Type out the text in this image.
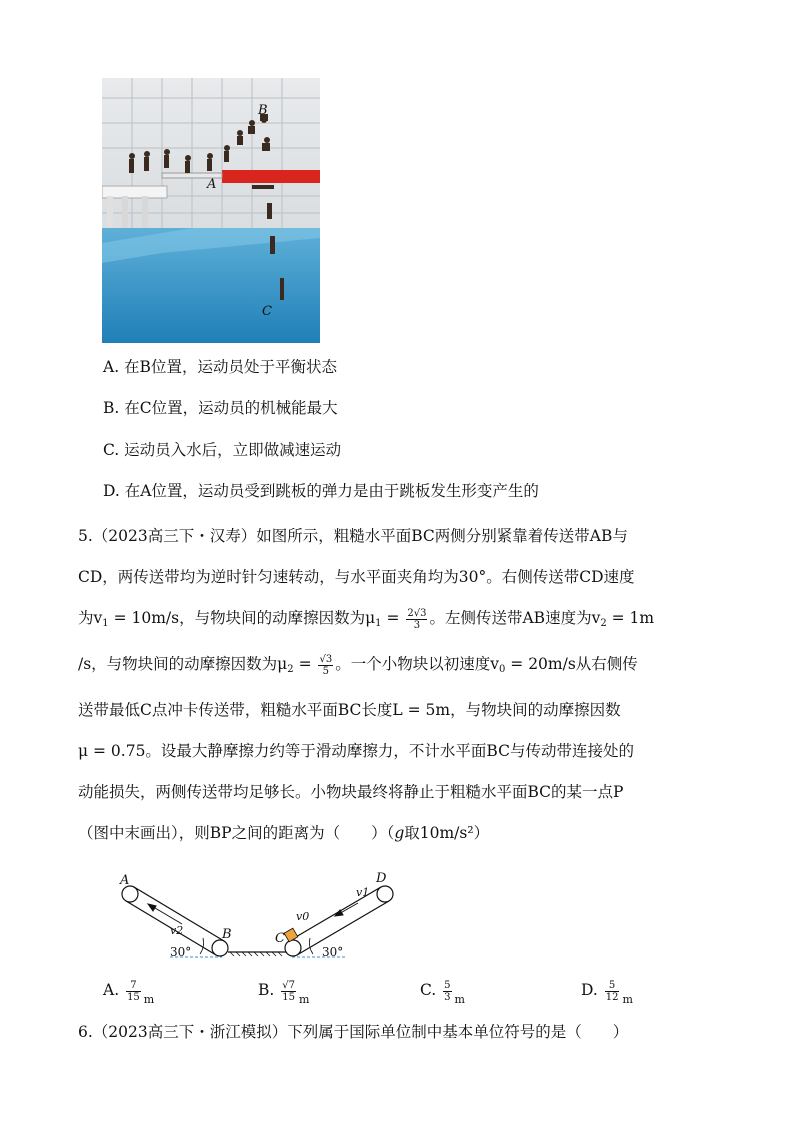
B
A
C
A. 在B位置，运动员处于平衡状态
B. 在C位置，运动员的机械能最大
C. 运动员入水后，立即做减速运动
D. 在A位置，运动员受到跳板的弹力是由于跳板发生形变产生的
5.（2023高三下・汉寿）如图所示，粗糙水平面BC两侧分别紧靠着传送带AB与
CD，两传送带均为逆时针匀速转动，与水平面夹角均为30°。右侧传送带CD速度
为$v_1 = 10m/s$，与物块间的动摩擦因数为$\mu_1 = \frac{2√3}{3}$ 。左侧传送带AB速度为$v_2 = 1m$
/s，与物块间的动摩擦因数为$\mu_2 = \frac{√3}{5}$ 。一个小物块以初速度$v_0 = 20m/s$从右侧传
送带最低C点冲卡传送带，粗糙水平面BC长度L = 5m，与物块间的动摩擦因数
μ = 0.75。设最大静摩擦力约等于滑动摩擦力，不计水平面BC与传动带连接处的
动能损失，两侧传送带均足够长。小物块最终将静止于粗糙水平面BC的某一点P
（图中末画出），则BP之间的距离为（　　）（g取10m/s²）
A
B	C
D
v2
v0
v1
30°	30°
A. $\frac{7}{15} _m$
B. $\frac{√7}{15} _m$
C. $\frac{5}{3} _m$
D. $\frac{5}{12} _m$
6.（2023高三下・浙江模拟）下列属于国际单位制中基本单位符号的是（　　）
